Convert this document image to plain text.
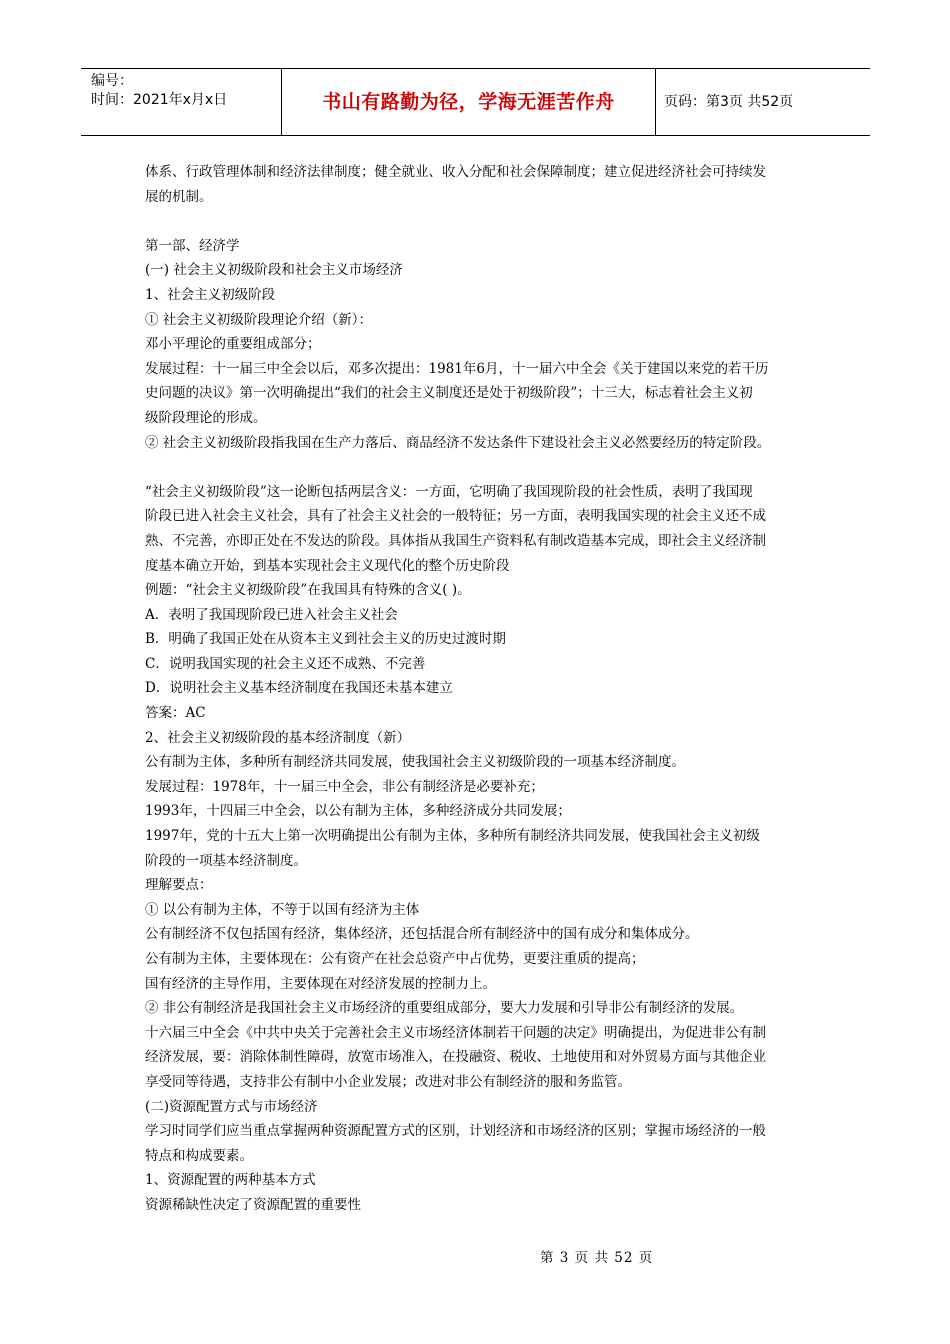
编号：
时间：2021年x月x日	书山有路勤为径，学海无涯苦作舟	页码：第3页 共52页

体系、行政管理体制和经济法律制度；健全就业、收入分配和社会保障制度；建立促进经济社会可持续发

展的机制。

第一部、经济学

(一) 社会主义初级阶段和社会主义市场经济

1、社会主义初级阶段

① 社会主义初级阶段理论介绍（新）：

邓小平理论的重要组成部分；

发展过程：十一届三中全会以后，邓多次提出：1981年6月，十一届六中全会《关于建国以来党的若干历

史问题的决议》第一次明确提出“我们的社会主义制度还是处于初级阶段”；十三大，标志着社会主义初

级阶段理论的形成。

② 社会主义初级阶段指我国在生产力落后、商品经济不发达条件下建设社会主义必然要经历的特定阶段。

“社会主义初级阶段”这一论断包括两层含义：一方面，它明确了我国现阶段的社会性质，表明了我国现

阶段已进入社会主义社会，具有了社会主义社会的一般特征；另一方面，表明我国实现的社会主义还不成

熟、不完善，亦即正处在不发达的阶段。具体指从我国生产资料私有制改造基本完成，即社会主义经济制

度基本确立开始，到基本实现社会主义现代化的整个历史阶段

例题：“社会主义初级阶段”在我国具有特殊的含义( )。

A．表明了我国现阶段已进入社会主义社会

B．明确了我国正处在从资本主义到社会主义的历史过渡时期

C．说明我国实现的社会主义还不成熟、不完善

D．说明社会主义基本经济制度在我国还未基本建立

答案：AC

2、社会主义初级阶段的基本经济制度（新）

公有制为主体，多种所有制经济共同发展，使我国社会主义初级阶段的一项基本经济制度。

发展过程：1978年，十一届三中全会，非公有制经济是必要补充；

1993年，十四届三中全会，以公有制为主体，多种经济成分共同发展；

1997年，党的十五大上第一次明确提出公有制为主体，多种所有制经济共同发展，使我国社会主义初级

阶段的一项基本经济制度。

理解要点：

① 以公有制为主体，不等于以国有经济为主体

公有制经济不仅包括国有经济，集体经济，还包括混合所有制经济中的国有成分和集体成分。

公有制为主体，主要体现在：公有资产在社会总资产中占优势，更要注重质的提高；

国有经济的主导作用，主要体现在对经济发展的控制力上。

② 非公有制经济是我国社会主义市场经济的重要组成部分，要大力发展和引导非公有制经济的发展。

十六届三中全会《中共中央关于完善社会主义市场经济体制若干问题的决定》明确提出，为促进非公有制

经济发展，要：消除体制性障碍，放宽市场准入，在投融资、税收、土地使用和对外贸易方面与其他企业

享受同等待遇，支持非公有制中小企业发展；改进对非公有制经济的服和务监管。

(二)资源配置方式与市场经济

学习时同学们应当重点掌握两种资源配置方式的区别，计划经济和市场经济的区别；掌握市场经济的一般

特点和构成要素。

1、资源配置的两种基本方式

资源稀缺性决定了资源配置的重要性

第 3 页 共 52 页
